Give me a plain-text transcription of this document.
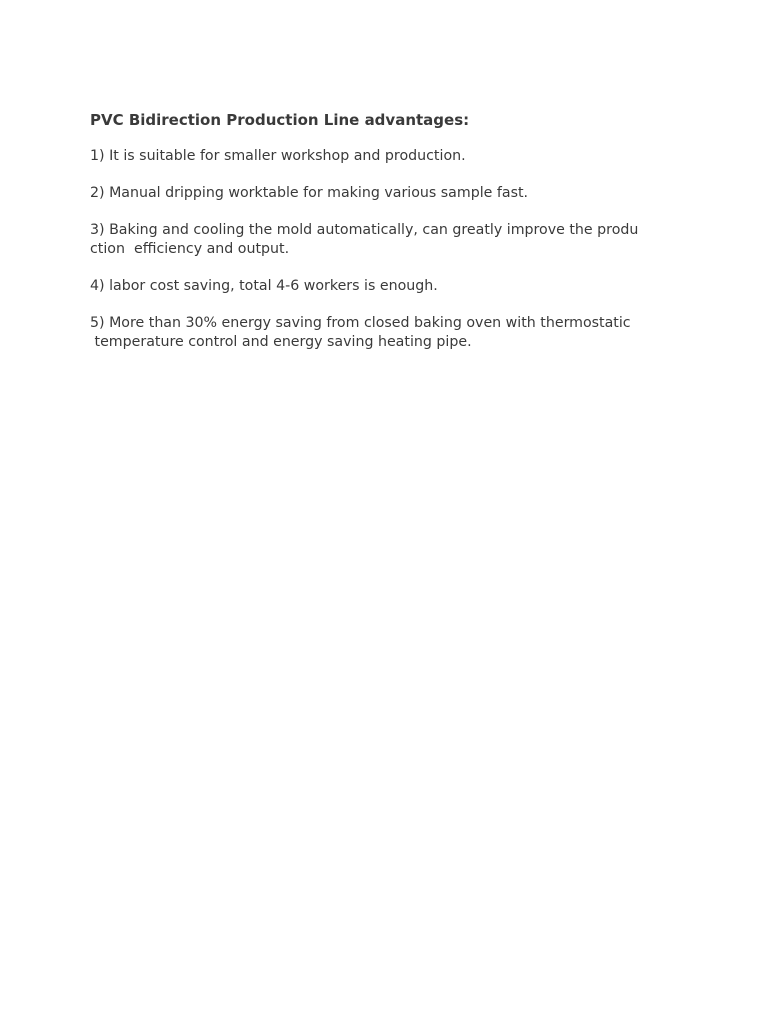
PVC Bidirection Production Line advantages:
1) It is suitable for smaller workshop and production.
2) Manual dripping worktable for making various sample fast.
3) Baking and cooling the mold automatically, can greatly improve the produ
ction  efficiency and output.
4) labor cost saving, total 4-6 workers is enough.
5) More than 30% energy saving from closed baking oven with thermostatic
temperature control and energy saving heating pipe.
